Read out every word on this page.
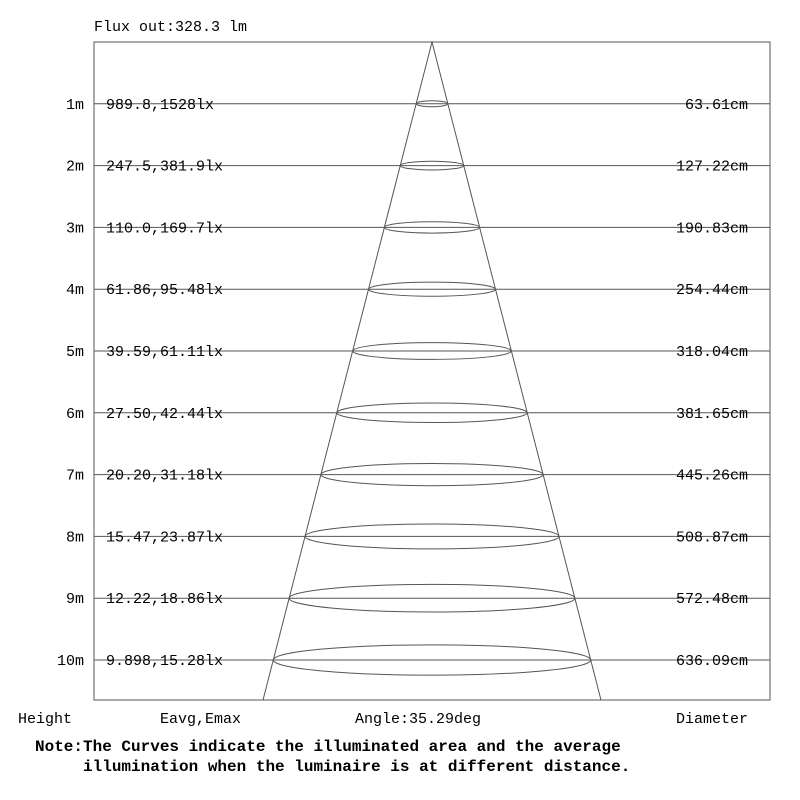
Flux out:328.3 lm
1m 989.8,1528lx	63.61cm
2m 247.5,381.9lx	127.22cm
3m 110.0,169.7lx	190.83cm
4m 61.86,95.48lx	254.44cm
5m 39.59,61.11lx	318.04cm
6m 27.50,42.44lx	381.65cm
7m 20.20,31.18lx	445.26cm
8m 15.47,23.87lx	508.87cm
9m 12.22,18.86lx	572.48cm
10m 9.898,15.28lx	636.09cm
Height	Eavg,Emax	Angle:35.29deg	Diameter
Note:The Curves indicate the illuminated area and the average
illumination when the luminaire is at different distance.
